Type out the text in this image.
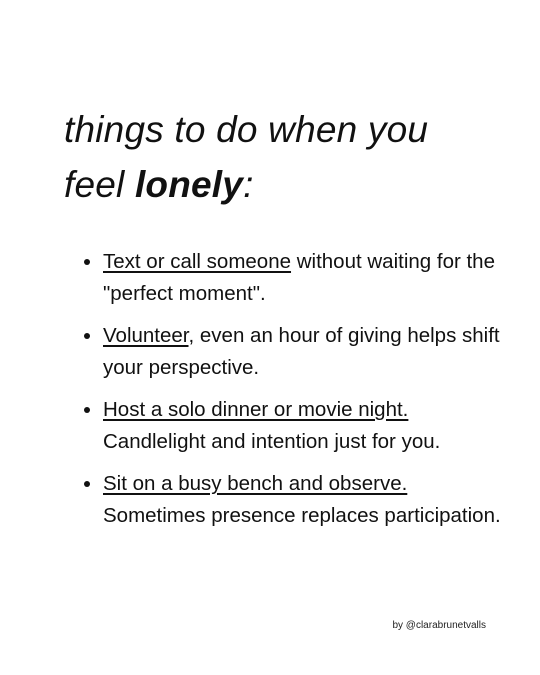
things to do when you feel lonely:
Text or call someone without waiting for the "perfect moment".
Volunteer, even an hour of giving helps shift your perspective.
Host a solo dinner or movie night. Candlelight and intention just for you.
Sit on a busy bench and observe. Sometimes presence replaces participation.
by @clarabrunetvalls
